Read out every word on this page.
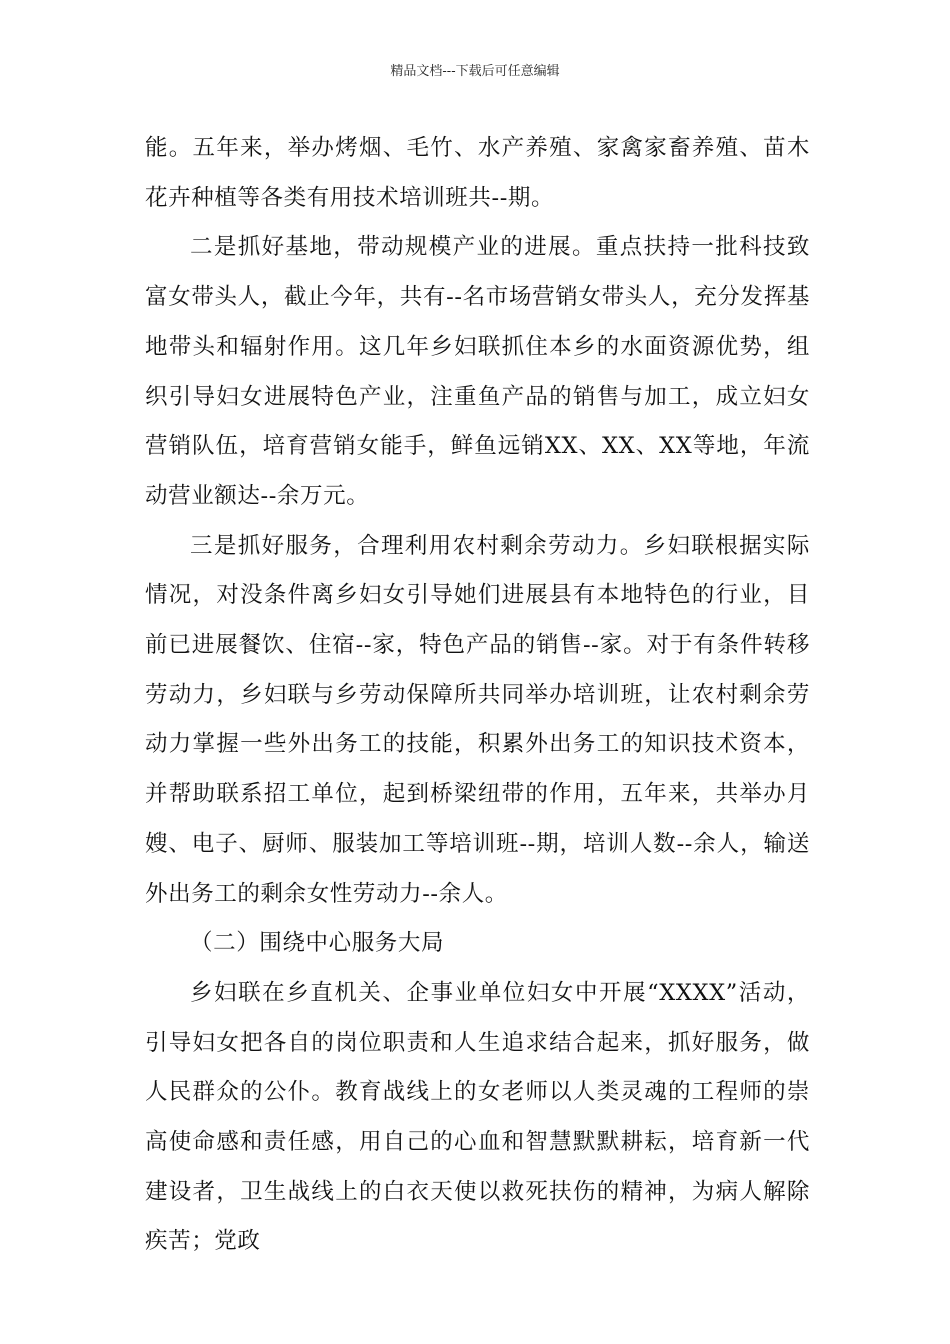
精品文档---下载后可任意编辑

能。五年来，举办烤烟、毛竹、水产养殖、家禽家畜养殖、苗木花卉种植等各类有用技术培训班共--期。

二是抓好基地，带动规模产业的进展。重点扶持一批科技致富女带头人，截止今年，共有--名市场营销女带头人，充分发挥基地带头和辐射作用。这几年乡妇联抓住本乡的水面资源优势，组织引导妇女进展特色产业，注重鱼产品的销售与加工，成立妇女营销队伍，培育营销女能手，鲜鱼远销XX、XX、XX等地，年流动营业额达--余万元。

三是抓好服务，合理利用农村剩余劳动力。乡妇联根据实际情况，对没条件离乡妇女引导她们进展县有本地特色的行业，目前已进展餐饮、住宿--家，特色产品的销售--家。对于有条件转移劳动力，乡妇联与乡劳动保障所共同举办培训班，让农村剩余劳动力掌握一些外出务工的技能，积累外出务工的知识技术资本，并帮助联系招工单位，起到桥梁纽带的作用，五年来，共举办月嫂、电子、厨师、服装加工等培训班--期，培训人数--余人，输送外出务工的剩余女性劳动力--余人。

（二）围绕中心服务大局

乡妇联在乡直机关、企事业单位妇女中开展“XXXX”活动，引导妇女把各自的岗位职责和人生追求结合起来，抓好服务，做人民群众的公仆。教育战线上的女老师以人类灵魂的工程师的崇高使命感和责任感，用自己的心血和智慧默默耕耘，培育新一代建设者，卫生战线上的白衣天使以救死扶伤的精神，为病人解除疾苦；党政
